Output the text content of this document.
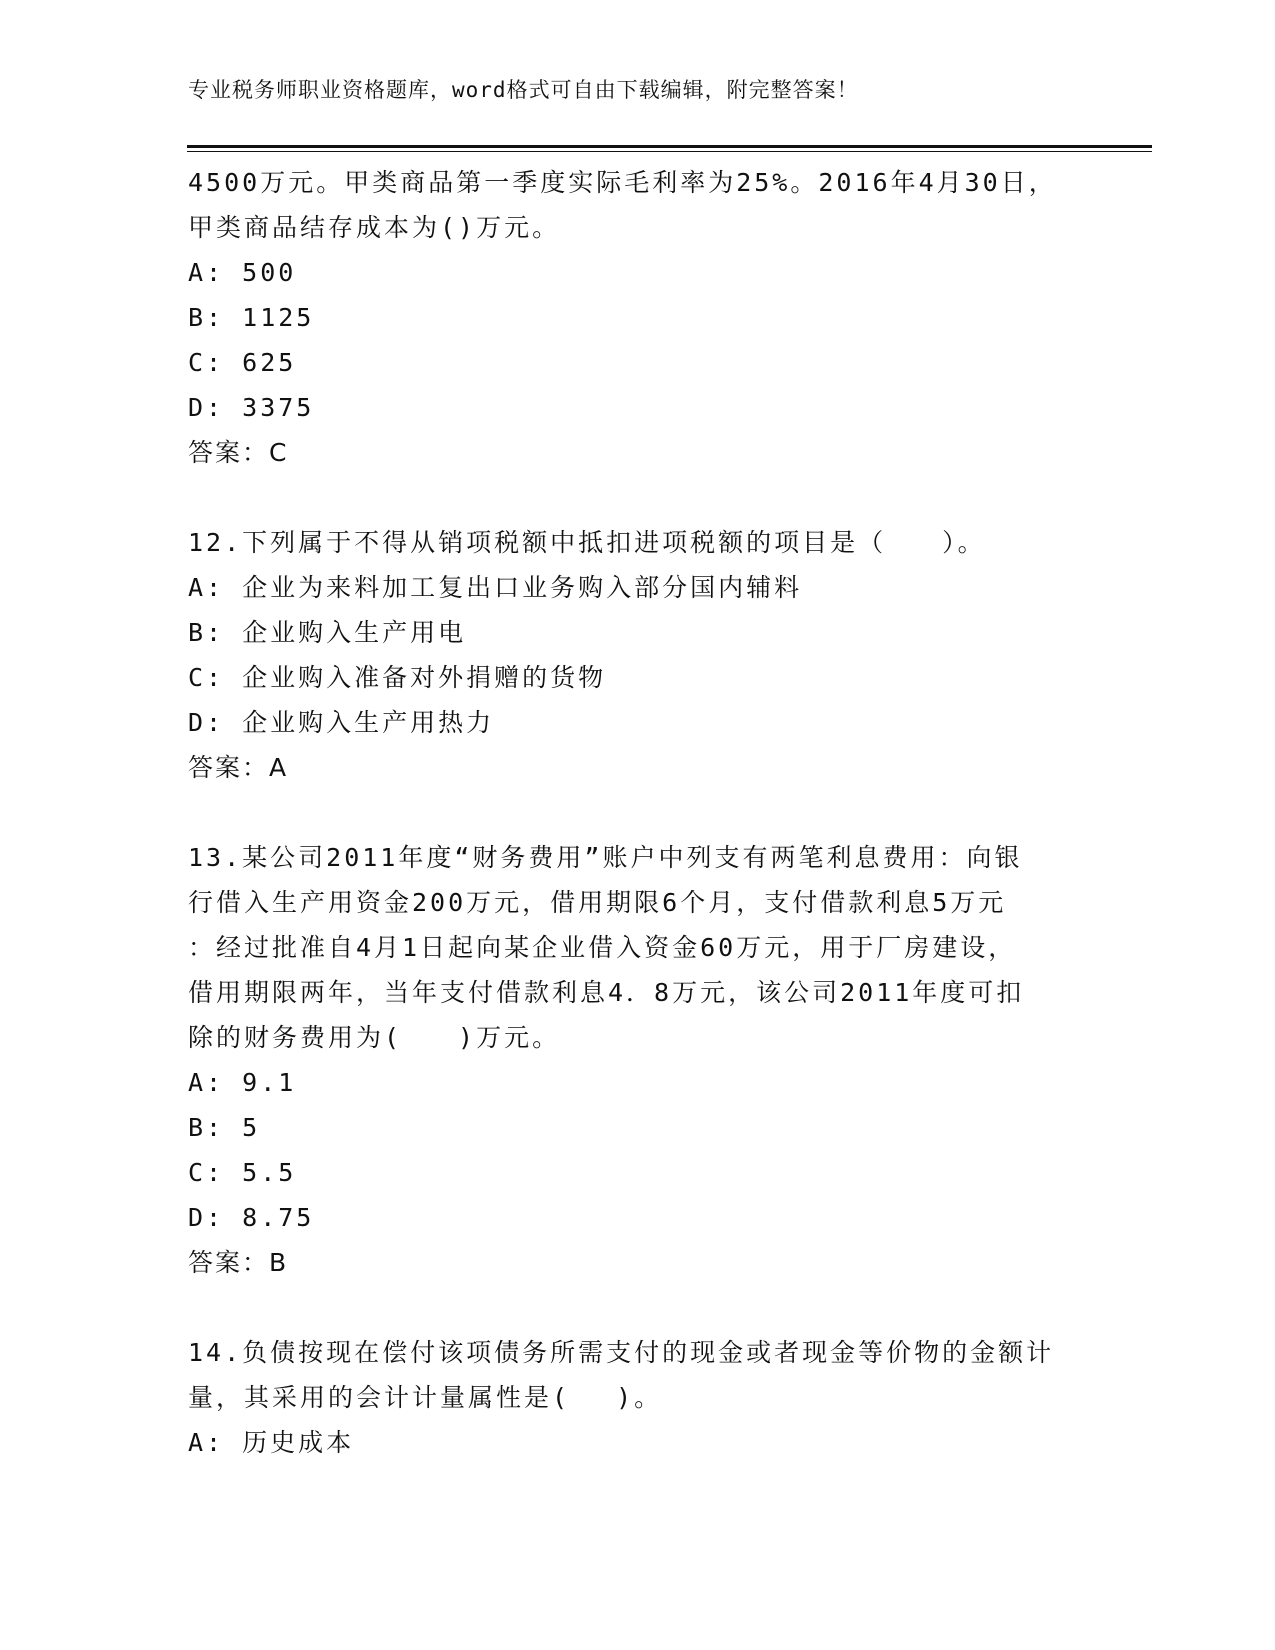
专业税务师职业资格题库，word格式可自由下载编辑，附完整答案！
4500万元。甲类商品第一季度实际毛利率为25%。2016年4月30日，
甲类商品结存成本为()万元。
A: 500
B: 1125
C: 625
D: 3375
答案：C
12.下列属于不得从销项税额中抵扣进项税额的项目是（　　）。
A: 企业为来料加工复出口业务购入部分国内辅料
B: 企业购入生产用电
C: 企业购入准备对外捐赠的货物
D: 企业购入生产用热力
答案：A
13.某公司2011年度“财务费用”账户中列支有两笔利息费用：向银
行借入生产用资金200万元，借用期限6个月，支付借款利息5万元
：经过批准自4月1日起向某企业借入资金60万元，用于厂房建设，
借用期限两年，当年支付借款利息4．8万元，该公司2011年度可扣
除的财务费用为(　　)万元。
A: 9.1
B: 5
C: 5.5
D: 8.75
答案：B
14.负债按现在偿付该项债务所需支付的现金或者现金等价物的金额计
量，其采用的会计计量属性是(　 )。
A: 历史成本
